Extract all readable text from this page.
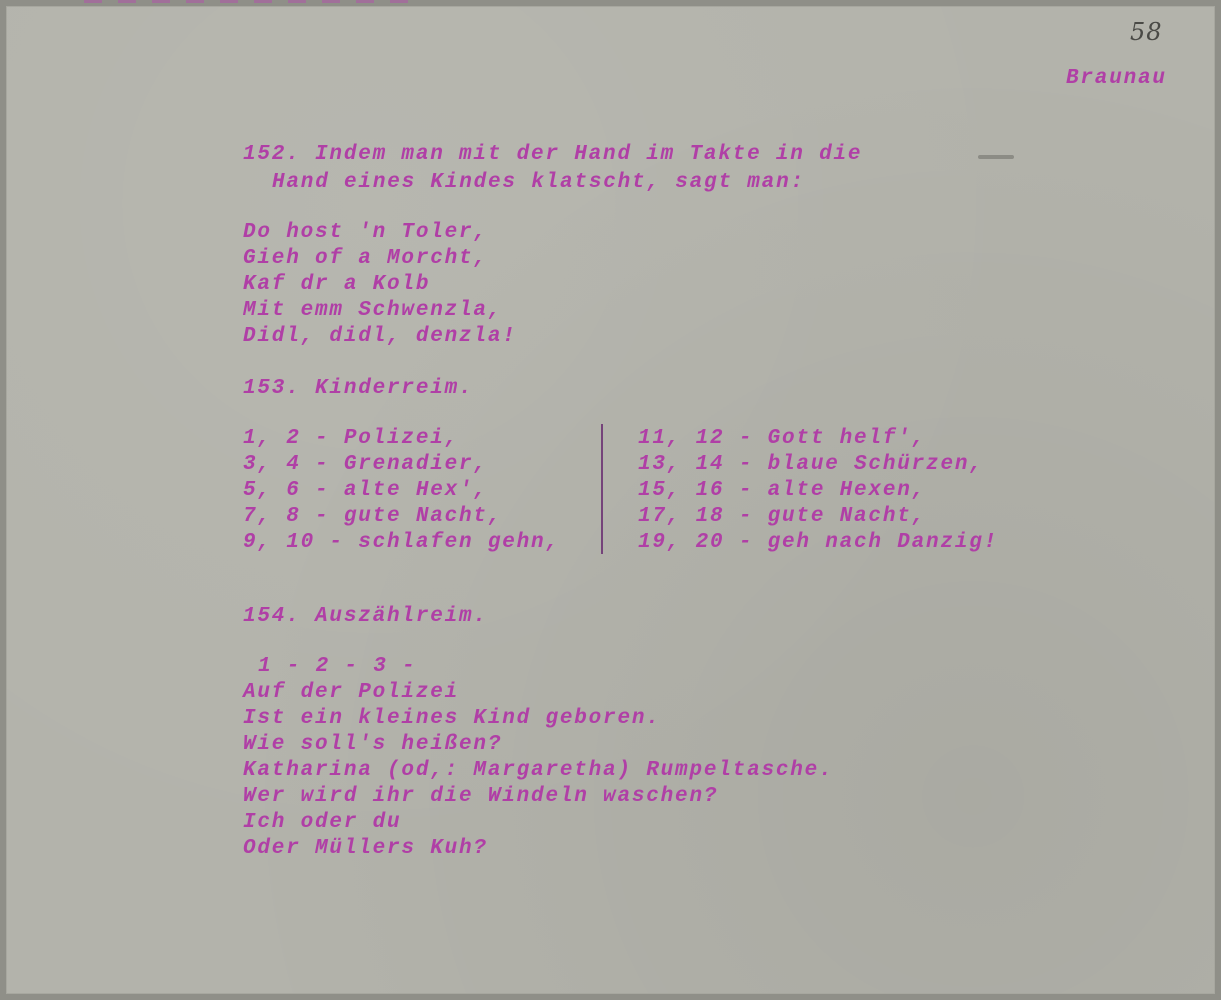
58
Braunau
152. Indem man mit der Hand im Takte in die
Hand eines Kindes klatscht, sagt man:
Do host 'n Toler,
Gieh of a Morcht,
Kaf dr a Kolb
Mit emm Schwenzla,
Didl, didl, denzla!
153. Kinderreim.
1, 2 - Polizei,
3, 4 - Grenadier,
5, 6 - alte Hex',
7, 8 - gute Nacht,
9, 10 - schlafen gehn,
11, 12 - Gott helf',
13, 14 - blaue Schürzen,
15, 16 - alte Hexen,
17, 18 - gute Nacht,
19, 20 - geh nach Danzig!
154. Auszählreim.
1 - 2 - 3 -
Auf der Polizei
Ist ein kleines Kind geboren.
Wie soll's heißen?
Katharina (od,: Margaretha) Rumpeltasche.
Wer wird ihr die Windeln waschen?
Ich oder du
Oder Müllers Kuh?
